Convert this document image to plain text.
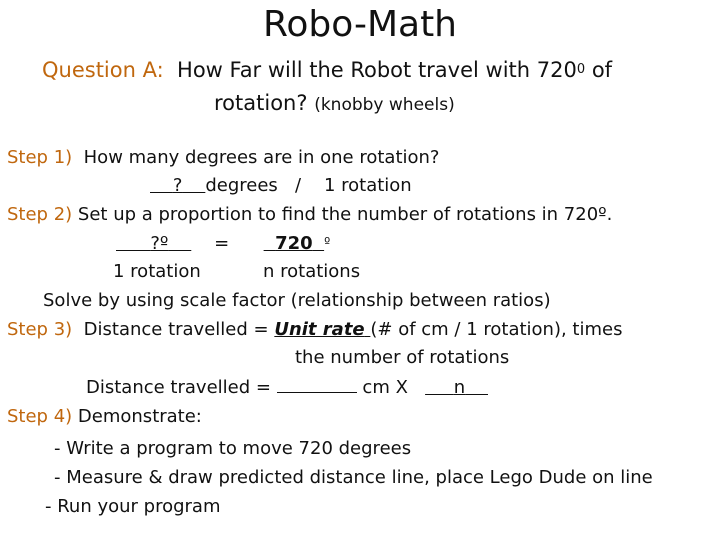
Robo-Math
Question A: How Far will the Robot travel with $720^0$ of
rotation? (knobby wheels)
Step 1) How many degrees are in one rotation?
? degrees / 1 rotation
Step 2) Set up a proportion to find the number of rotations in 720º.
?º	=	720 $^º$
1 rotation	n rotations
Solve by using scale factor (relationship between ratios)
Step 3) Distance travelled = Unit rate (# of cm / 1 rotation), times
the number of rotations
Distance travelled =	cm X	n
Step 4) Demonstrate:
- Write a program to move 720 degrees
- Measure & draw predicted distance line, place Lego Dude on line
- Run your program
